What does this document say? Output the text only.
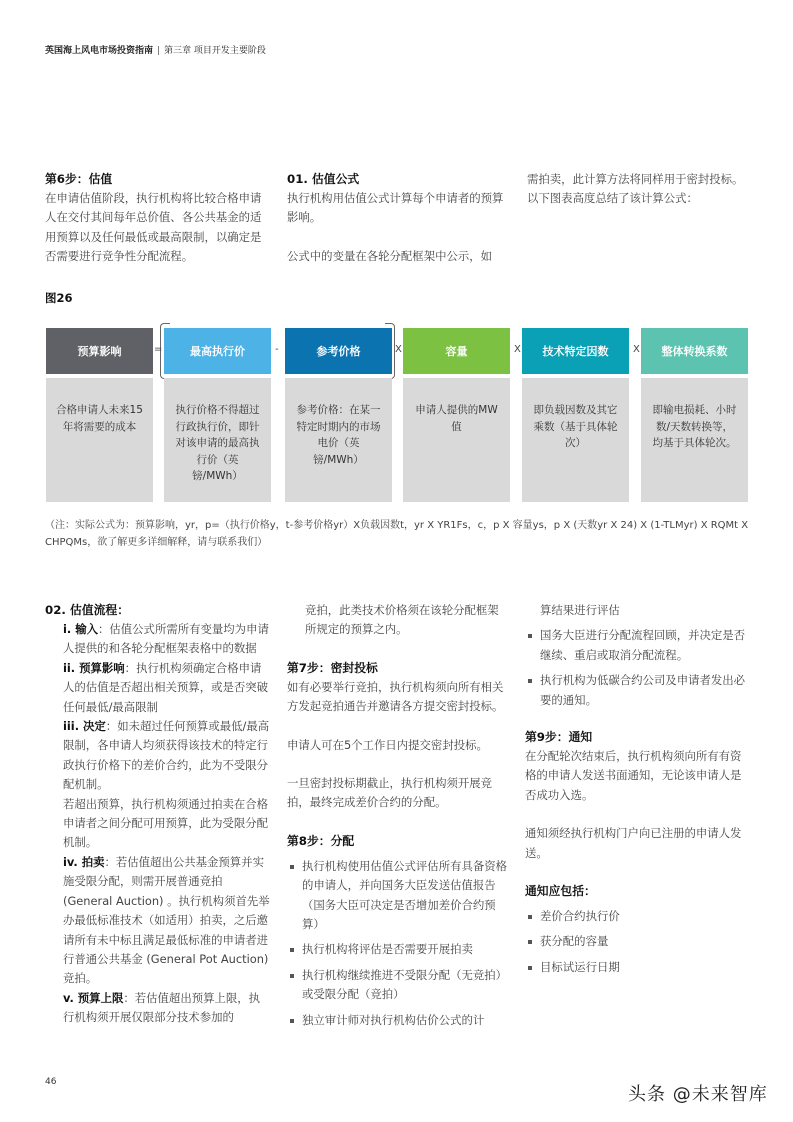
英国海上风电市场投资指南 | 第三章 项目开发主要阶段
第6步：估值

在申请估值阶段，执行机构将比较合格申请人在交付其间每年总价值、各公共基金的适用预算以及任何最低或最高限制，以确定是否需要进行竞争性分配流程。

01. 估值公式

执行机构用估值公式计算每个申请者的预算影响。

公式中的变量在各轮分配框架中公示，如

需拍卖，此计算方法将同样用于密封投标。以下图表高度总结了该计算公式：

图26
预算影响
合格申请人未来15年将需要的成本
最高执行价
执行价格不得超过行政执行价，即针对该申请的最高执行价（英镑/MWh）
参考价格
参考价格：在某一特定时期内的市场电价（英镑/MWh）
容量
申请人提供的MW值
技术特定因数
即负载因数及其它乘数（基于具体轮次）
整体转换系数
即输电损耗、小时数/天数转换等，均基于具体轮次。
=	-	X	X	X
（注：实际公式为：预算影响，yr，p=（执行价格y，t-参考价格yr）X负载因数t，yr X YR1Fs，c，p X 容量ys，p X (天数yr X 24) X (1-TLMyr) X RQMt X CHPQMs，欲了解更多详细解释，请与联系我们）
02. 估值流程：

i. 输入：估值公式所需所有变量均为申请人提供的和各轮分配框架表格中的数据

ii. 预算影响：执行机构须确定合格申请人的估值是否超出相关预算，或是否突破任何最低/最高限制

iii. 决定：如未超过任何预算或最低/最高限制，各申请人均须获得该技术的特定行政执行价格下的差价合约，此为不受限分配机制。

若超出预算，执行机构须通过拍卖在合格申请者之间分配可用预算，此为受限分配机制。

iv. 拍卖：若估值超出公共基金预算并实施受限分配，则需开展普通竞拍 (General Auction) 。执行机构须首先举办最低标准技术（如适用）拍卖，之后邀请所有未中标且满足最低标准的申请者进行普通公共基金 (General Pot Auction) 竞拍。

v. 预算上限：若估值超出预算上限，执行机构须开展仅限部分技术参加的

竞拍，此类技术价格须在该轮分配框架所规定的预算之内。

第7步：密封投标

如有必要举行竞拍，执行机构须向所有相关方发起竞拍通告并邀请各方提交密封投标。

申请人可在5个工作日内提交密封投标。

一旦密封投标期截止，执行机构须开展竞拍，最终完成差价合约的分配。

第8步：分配
执行机构使用估值公式评估所有具备资格的申请人，并向国务大臣发送估值报告（国务大臣可决定是否增加差价合约预算）
执行机构将评估是否需要开展拍卖
执行机构继续推进不受限分配（无竞拍）或受限分配（竞拍）
独立审计师对执行机构估价公式的计

算结果进行评估

国务大臣进行分配流程回顾，并决定是否继续、重启或取消分配流程。
执行机构为低碳合约公司及申请者发出必要的通知。
第9步：通知

在分配轮次结束后，执行机构须向所有有资格的申请人发送书面通知，无论该申请人是否成功入选。

通知须经执行机构门户向已注册的申请人发送。

通知应包括：
差价合约执行价
获分配的容量
目标试运行日期
46
头条 @未来智库
